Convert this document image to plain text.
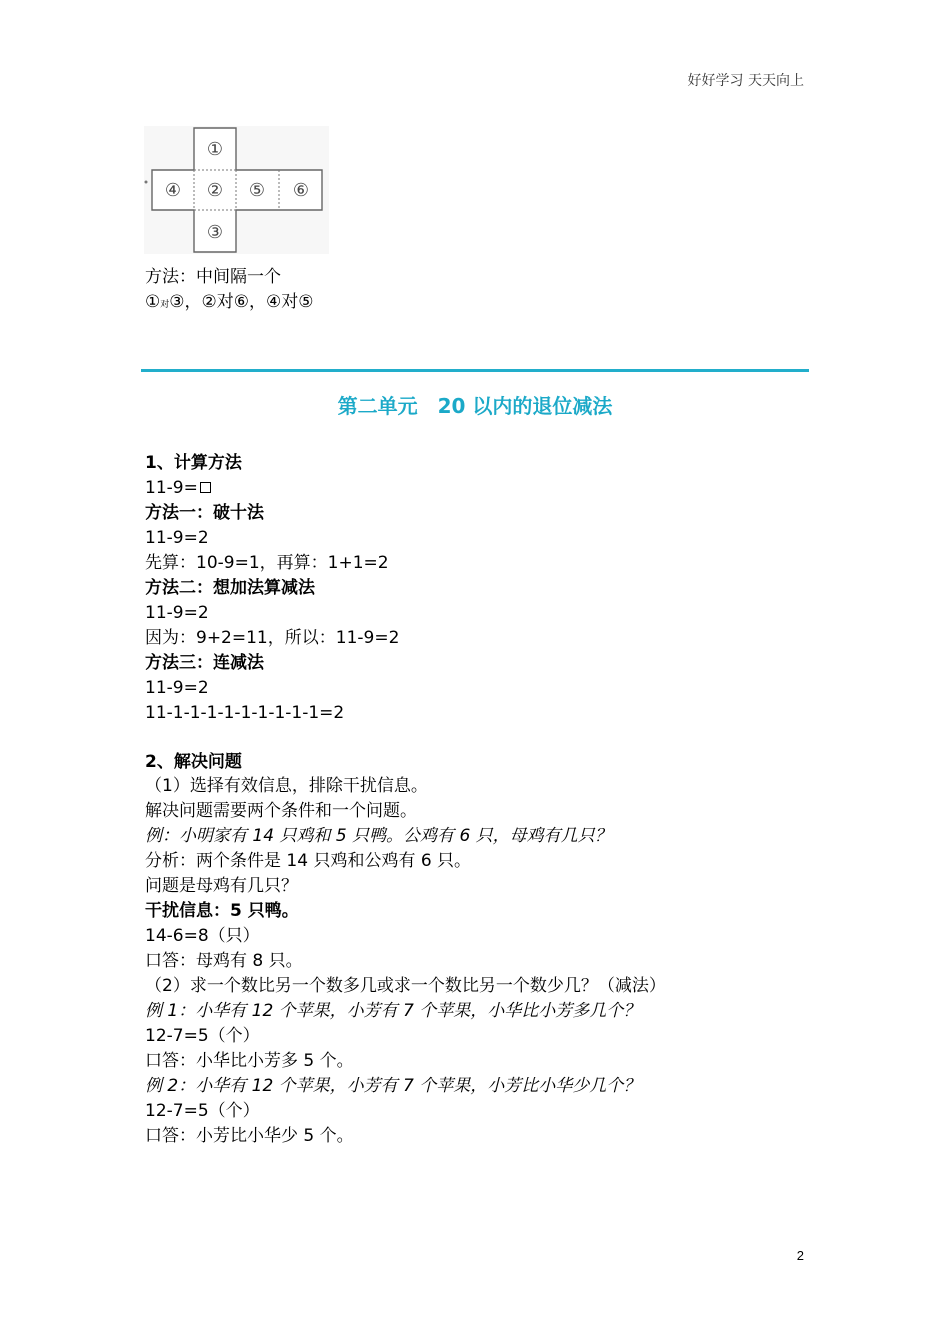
好好学习 天天向上
①
②
③
④	⑤ ⑥
方法：中间隔一个
①对③，②对⑥，④对⑤
第二单元　20 以内的退位减法
1、计算方法
11-9=
方法一：破十法
11-9=2
先算：10-9=1，再算：1+1=2
方法二：想加法算减法
11-9=2
因为：9+2=11，所以：11-9=2
方法三：连减法
11-9=2
11-1-1-1-1-1-1-1-1-1=2
2、解决问题
（1）选择有效信息，排除干扰信息。
解决问题需要两个条件和一个问题。
例：小明家有 14 只鸡和 5 只鸭。公鸡有 6 只，母鸡有几只？
分析：两个条件是 14 只鸡和公鸡有 6 只。
问题是母鸡有几只？
干扰信息：5 只鸭。
14-6=8（只）
口答：母鸡有 8 只。
（2）求一个数比另一个数多几或求一个数比另一个数少几？（减法）
例 1：小华有 12 个苹果，小芳有 7 个苹果，小华比小芳多几个？
12-7=5（个）
口答：小华比小芳多 5 个。
例 2：小华有 12 个苹果，小芳有 7 个苹果，小芳比小华少几个？
12-7=5（个）
口答：小芳比小华少 5 个。
2
